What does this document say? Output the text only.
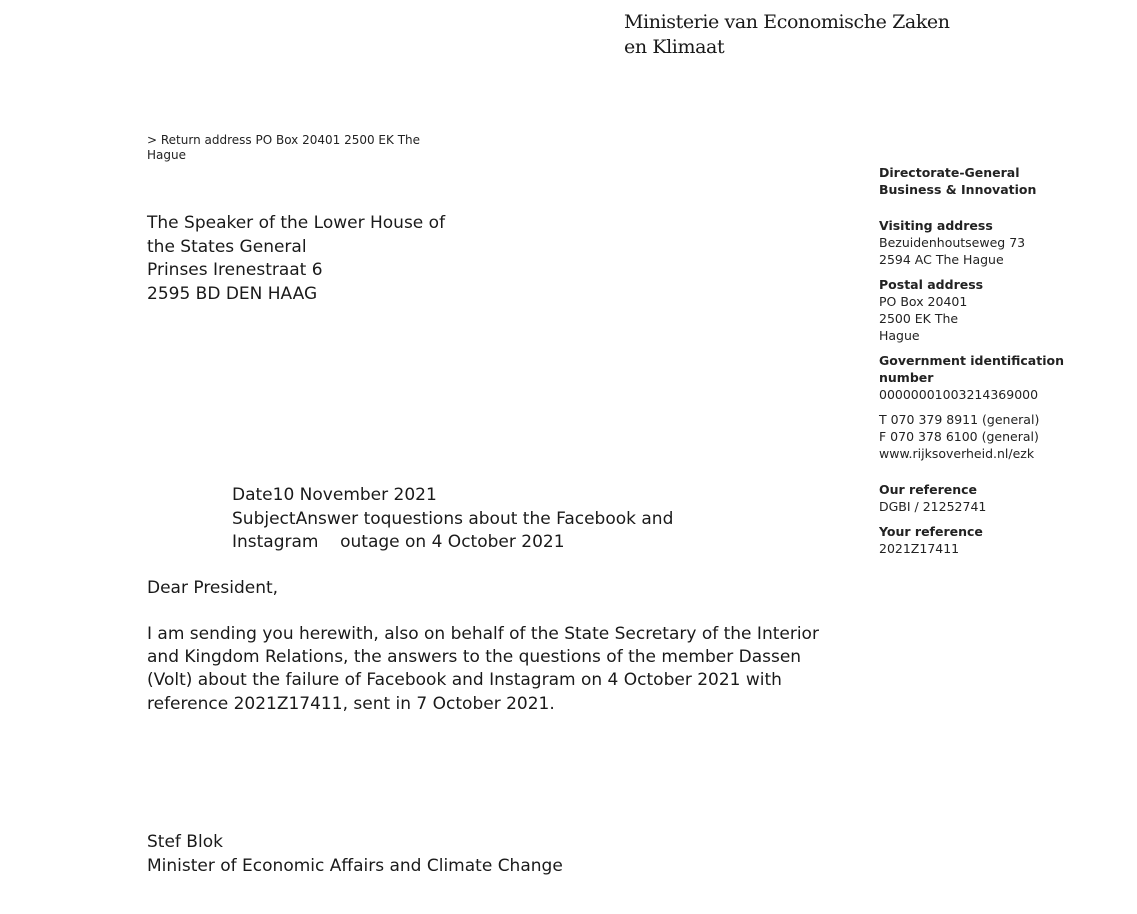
Ministerie van Economische Zaken
en Klimaat
> Return address PO Box 20401 2500 EK The Hague
The Speaker of the Lower House of
the States General
Prinses Irenestraat 6
2595 BD DEN HAAG
Date10 November 2021
SubjectAnswer toquestions about the Facebook and
Instagram    outage on 4 October 2021
Dear President,
I am sending you herewith, also on behalf of the State Secretary of the Interior
and Kingdom Relations, the answers to the questions of the member Dassen
(Volt) about the failure of Facebook and Instagram on 4 October 2021 with
reference 2021Z17411, sent in 7 October 2021.
Stef Blok
Minister of Economic Affairs and Climate Change
Directorate-General
Business & Innovation
Visiting address
Bezuidenhoutseweg 73
2594 AC The Hague
Postal address
PO Box 20401
2500 EK The
Hague
Government identification
number
00000001003214369000
T 070 379 8911 (general)
F 070 378 6100 (general)
www.rijksoverheid.nl/ezk
Our reference
DGBI / 21252741
Your reference
2021Z17411
